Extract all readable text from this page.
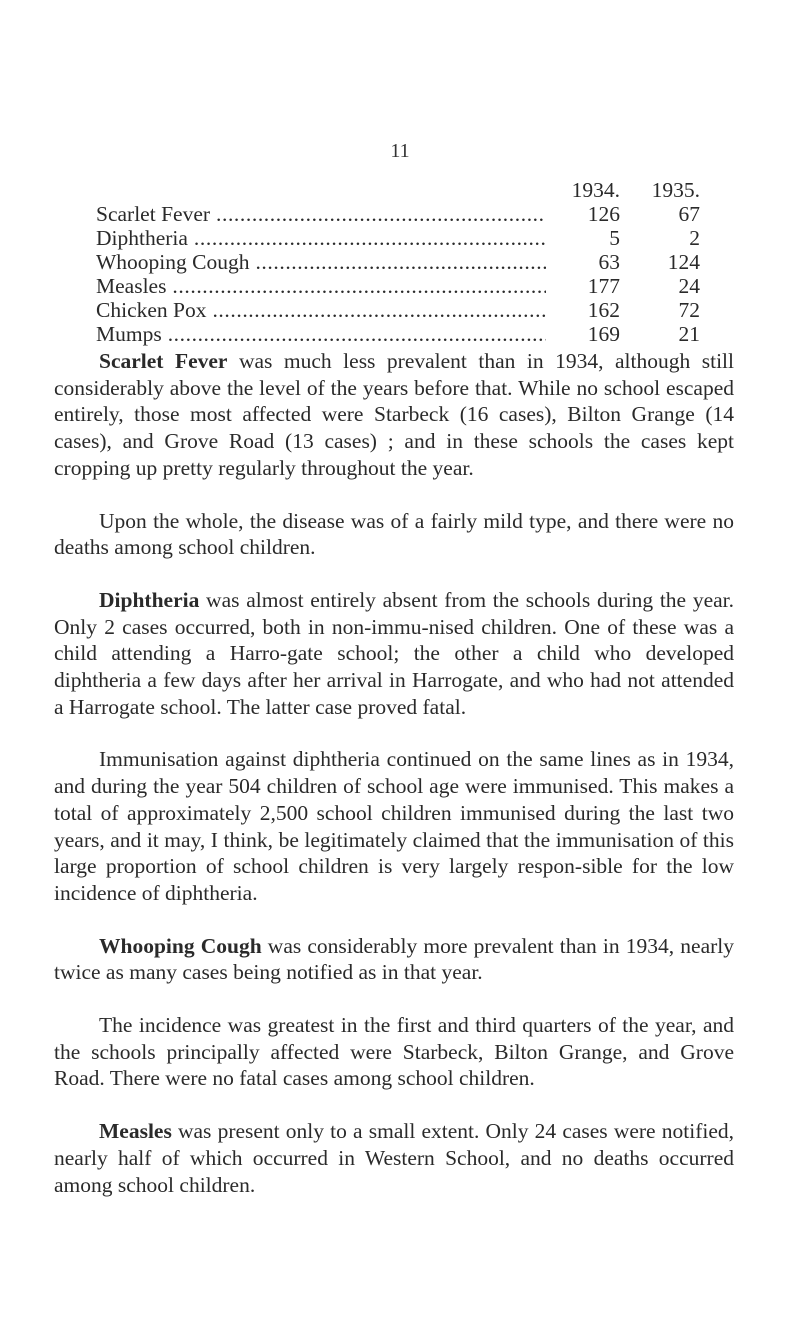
11
1934.	1935.
Scarlet Fever .....	126	67
Diphtheria .....	5	2
Whooping Cough .....	63	124
Measles .....	177	24
Chicken Pox .....	162	72
Mumps .....	169	21

Scarlet Fever was much less prevalent than in 1934, although still considerably above the level of the years before that. While no school escaped entirely, those most affected were Starbeck (16 cases), Bilton Grange (14 cases), and Grove Road (13 cases) ; and in these schools the cases kept cropping up pretty regularly throughout the year.

Upon the whole, the disease was of a fairly mild type, and there were no deaths among school children.

Diphtheria was almost entirely absent from the schools during the year. Only 2 cases occurred, both in non-immu-nised children. One of these was a child attending a Harro-gate school; the other a child who developed diphtheria a few days after her arrival in Harrogate, and who had not attended a Harrogate school. The latter case proved fatal.

Immunisation against diphtheria continued on the same lines as in 1934, and during the year 504 children of school age were immunised. This makes a total of approximately 2,500 school children immunised during the last two years, and it may, I think, be legitimately claimed that the immunisation of this large proportion of school children is very largely respon-sible for the low incidence of diphtheria.

Whooping Cough was considerably more prevalent than in 1934, nearly twice as many cases being notified as in that year.

The incidence was greatest in the first and third quarters of the year, and the schools principally affected were Starbeck, Bilton Grange, and Grove Road. There were no fatal cases among school children.

Measles was present only to a small extent. Only 24 cases were notified, nearly half of which occurred in Western School, and no deaths occurred among school children.
